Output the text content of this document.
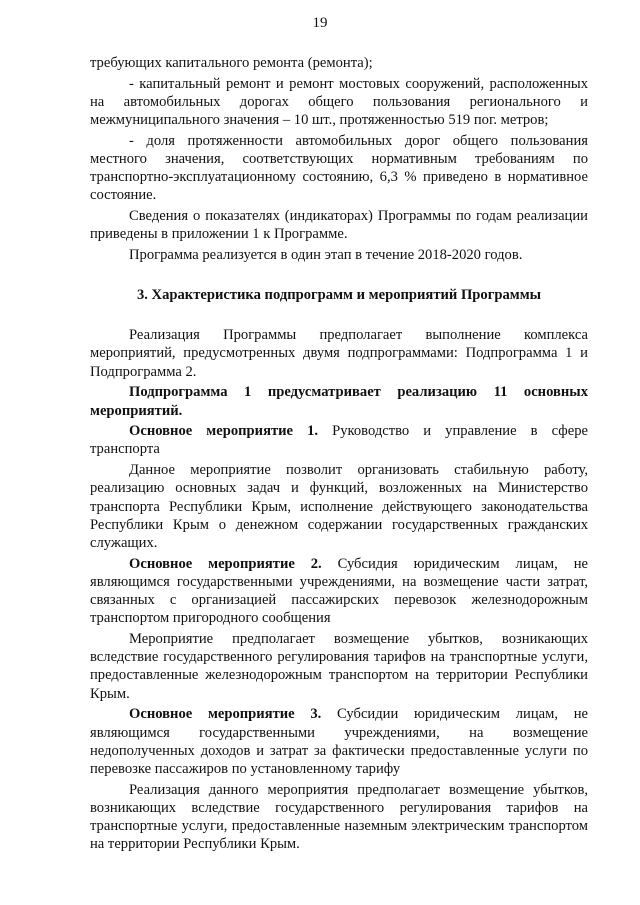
19

требующих капитального ремонта (ремонта);

- капитальный ремонт и ремонт мостовых сооружений, расположенных на автомобильных дорогах общего пользования регионального и межмуниципального значения – 10 шт., протяженностью 519 пог. метров;

- доля протяженности автомобильных дорог общего пользования местного значения, соответствующих нормативным требованиям по транспортно-эксплуатационному состоянию, 6,3 % приведено в нормативное состояние.

Сведения о показателях (индикаторах) Программы по годам реализации приведены в приложении 1 к Программе.

Программа реализуется в один этап в течение 2018-2020 годов.

3. Характеристика подпрограмм и мероприятий Программы

Реализация Программы предполагает выполнение комплекса мероприятий, предусмотренных двумя подпрограммами: Подпрограмма 1 и Подпрограмма 2.

Подпрограмма 1 предусматривает реализацию 11 основных мероприятий.

Основное мероприятие 1. Руководство и управление в сфере транспорта

Данное мероприятие позволит организовать стабильную работу, реализацию основных задач и функций, возложенных на Министерство транспорта Республики Крым, исполнение действующего законодательства Республики Крым о денежном содержании государственных гражданских служащих.

Основное мероприятие 2. Субсидия юридическим лицам, не являющимся государственными учреждениями, на возмещение части затрат, связанных с организацией пассажирских перевозок железнодорожным транспортом пригородного сообщения

Мероприятие предполагает возмещение убытков, возникающих вследствие государственного регулирования тарифов на транспортные услуги, предоставленные железнодорожным транспортом на территории Республики Крым.

Основное мероприятие 3. Субсидии юридическим лицам, не являющимся государственными учреждениями, на возмещение недополученных доходов и затрат за фактически предоставленные услуги по перевозке пассажиров по установленному тарифу

Реализация данного мероприятия предполагает возмещение убытков, возникающих вследствие государственного регулирования тарифов на транспортные услуги, предоставленные наземным электрическим транспортом на территории Республики Крым.
